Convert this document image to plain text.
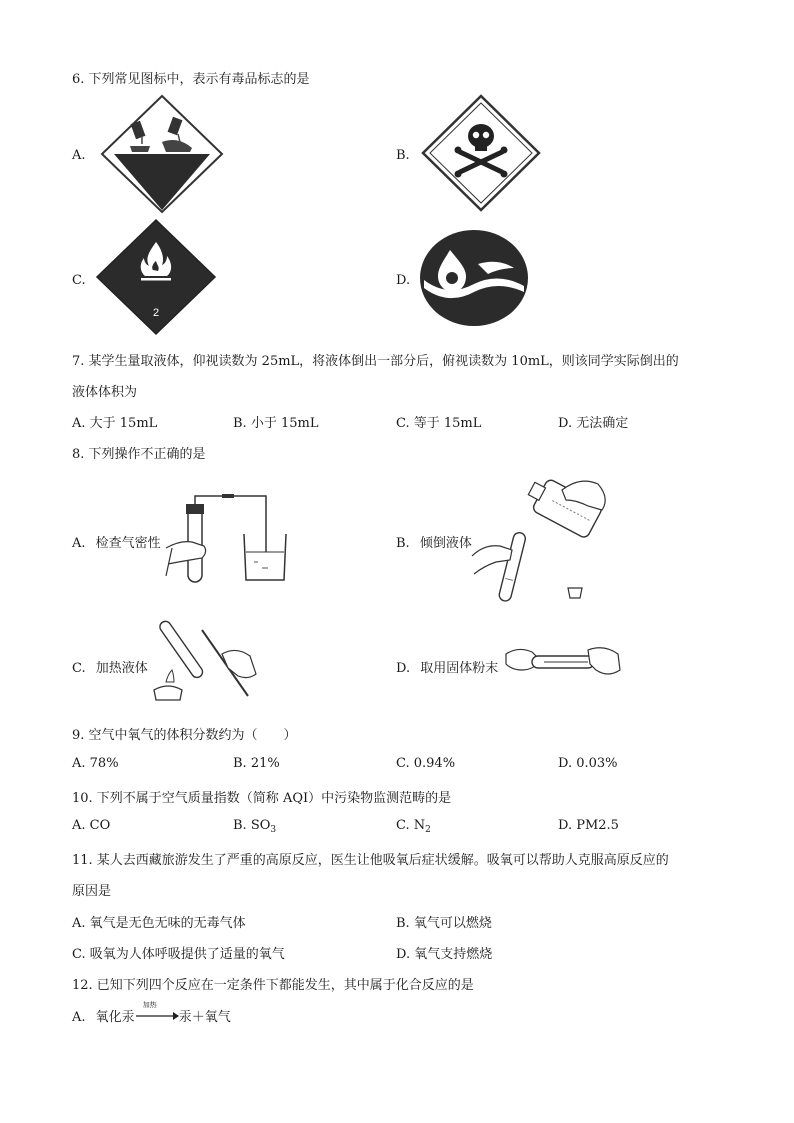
6. 下列常见图标中，表示有毒品标志的是
A.	B.
C.
2
D.
7. 某学生量取液体，仰视读数为 25mL，将液体倒出一部分后，俯视读数为 10mL，则该同学实际倒出的
液体体积为
A. 大于 15mL	B. 小于 15mL	C. 等于 15mL	D. 无法确定
8. 下列操作不正确的是
A. 检查气密性	B. 倾倒液体
C. 加热液体	D. 取用固体粉末
9. 空气中氧气的体积分数约为（　　）
A. 78%	B. 21%	C. 0.94%	D. 0.03%
10. 下列不属于空气质量指数（简称 AQI）中污染物监测范畴的是
A. CO	B. $SO_3$	C. $N_2$	D. PM2.5
11. 某人去西藏旅游发生了严重的高原反应，医生让他吸氧后症状缓解。吸氧可以帮助人克服高原反应的
原因是
A. 氧气是无色无味的无毒气体	B. 氧气可以燃烧
C. 吸氧为人体呼吸提供了适量的氧气	D. 氧气支持燃烧
12. 已知下列四个反应在一定条件下都能发生，其中属于化合反应的是
A. 氧化汞
加热
汞＋氧气
